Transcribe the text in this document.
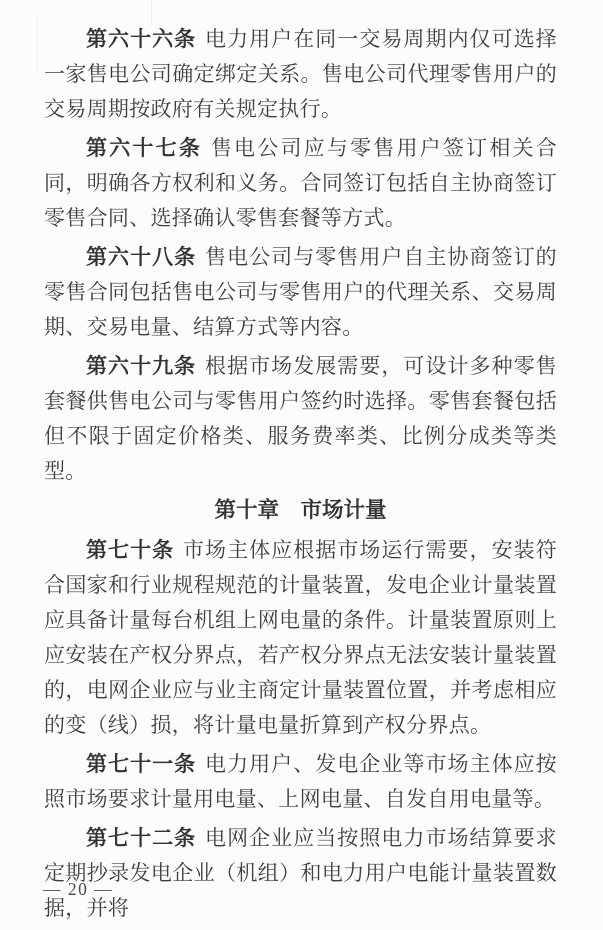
第六十六条 电力用户在同一交易周期内仅可选择一家售电公司确定绑定关系。售电公司代理零售用户的交易周期按政府有关规定执行。

第六十七条 售电公司应与零售用户签订相关合同，明确各方权利和义务。合同签订包括自主协商签订零售合同、选择确认零售套餐等方式。

第六十八条 售电公司与零售用户自主协商签订的零售合同包括售电公司与零售用户的代理关系、交易周期、交易电量、结算方式等内容。

第六十九条 根据市场发展需要，可设计多种零售套餐供售电公司与零售用户签约时选择。零售套餐包括但不限于固定价格类、服务费率类、比例分成类等类型。

第十章　市场计量

第七十条 市场主体应根据市场运行需要，安装符合国家和行业规程规范的计量装置，发电企业计量装置应具备计量每台机组上网电量的条件。计量装置原则上应安装在产权分界点，若产权分界点无法安装计量装置的，电网企业应与业主商定计量装置位置，并考虑相应的变（线）损，将计量电量折算到产权分界点。

第七十一条 电力用户、发电企业等市场主体应按照市场要求计量用电量、上网电量、自发自用电量等。

第七十二条 电网企业应当按照电力市场结算要求定期抄录发电企业（机组）和电力用户电能计量装置数据，并将

— 20 —
